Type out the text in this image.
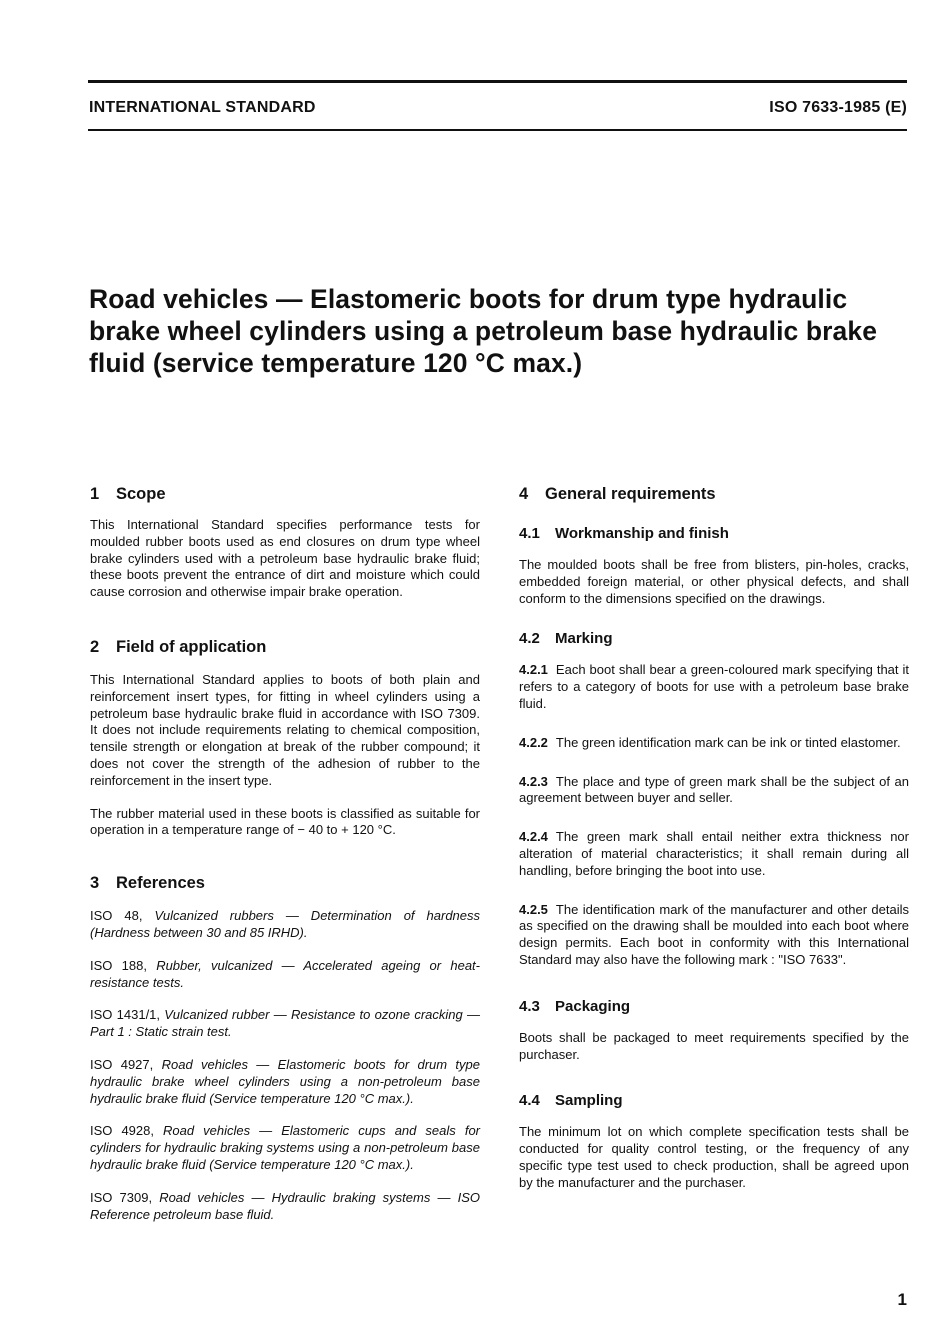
INTERNATIONAL STANDARD	ISO 7633-1985 (E)
Road vehicles — Elastomeric boots for drum type hydraulic brake wheel cylinders using a petroleum base hydraulic brake fluid (service temperature 120 °C max.)
1 Scope

This International Standard specifies performance tests for moulded rubber boots used as end closures on drum type wheel brake cylinders used with a petroleum base hydraulic brake fluid; these boots prevent the entrance of dirt and moisture which could cause corrosion and otherwise impair brake operation.

2 Field of application

This International Standard applies to boots of both plain and reinforcement insert types, for fitting in wheel cylinders using a petroleum base hydraulic brake fluid in accordance with ISO 7309. It does not include requirements relating to chemical composition, tensile strength or elongation at break of the rubber compound; it does not cover the strength of the adhesion of rubber to the reinforcement in the insert type.

The rubber material used in these boots is classified as suitable for operation in a temperature range of − 40 to + 120 °C.

3 References

ISO 48, Vulcanized rubbers — Determination of hardness (Hardness between 30 and 85 IRHD).

ISO 188, Rubber, vulcanized — Accelerated ageing or heat-resistance tests.

ISO 1431/1, Vulcanized rubber — Resistance to ozone cracking — Part 1 : Static strain test.

ISO 4927, Road vehicles — Elastomeric boots for drum type hydraulic brake wheel cylinders using a non-petroleum base hydraulic brake fluid (Service temperature 120 °C max.).

ISO 4928, Road vehicles — Elastomeric cups and seals for cylinders for hydraulic braking systems using a non-petroleum base hydraulic brake fluid (Service temperature 120 °C max.).

ISO 7309, Road vehicles — Hydraulic braking systems — ISO Reference petroleum base fluid.

4 General requirements
4.1 Workmanship and finish

The moulded boots shall be free from blisters, pin-holes, cracks, embedded foreign material, or other physical defects, and shall conform to the dimensions specified on the drawings.

4.2 Marking

4.2.1 Each boot shall bear a green-coloured mark specifying that it refers to a category of boots for use with a petroleum base brake fluid.

4.2.2 The green identification mark can be ink or tinted elastomer.

4.2.3 The place and type of green mark shall be the subject of an agreement between buyer and seller.

4.2.4 The green mark shall entail neither extra thickness nor alteration of material characteristics; it shall remain during all handling, before bringing the boot into use.

4.2.5 The identification mark of the manufacturer and other details as specified on the drawing shall be moulded into each boot where design permits. Each boot in conformity with this International Standard may also have the following mark : "ISO 7633".

4.3 Packaging

Boots shall be packaged to meet requirements specified by the purchaser.

4.4 Sampling

The minimum lot on which complete specification tests shall be conducted for quality control testing, or the frequency of any specific type test used to check production, shall be agreed upon by the manufacturer and the purchaser.

1
